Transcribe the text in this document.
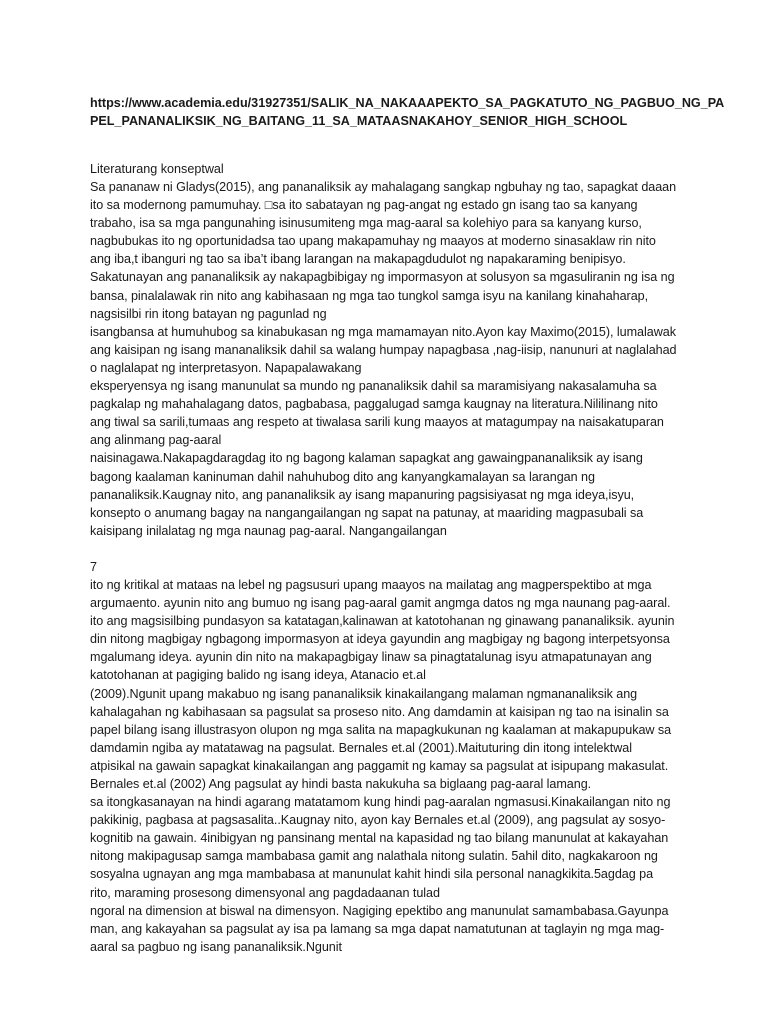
https://www.academia.edu/31927351/SALIK_NA_NAKAAAPEKTO_SA_PAGKATUTO_NG_PAGBUO_NG_PA
PEL_PANANALIKSIK_NG_BAITANG_11_SA_MATAASNAKAHOY_SENIOR_HIGH_SCHOOL
Literaturang konseptwal
Sa pananaw ni Gladys(2015), ang pananaliksik ay mahalagang sangkap ngbuhay ng tao, sapagkat daaan
ito sa modernong pamumuhay. □sa ito sabatayan ng pag-angat ng estado gn isang tao sa kanyang
trabaho, isa sa mga pangunahing isinusumiteng mga mag-aaral sa kolehiyo para sa kanyang kurso,
nagbubukas ito ng oportunidadsa tao upang makapamuhay ng maayos at moderno sinasaklaw rin nito
ang iba,t ibanguri ng tao sa iba’t ibang larangan na makapagdudulot ng napakaraming benipisyo.
Sakatunayan ang pananaliksik ay nakapagbibigay ng impormasyon at solusyon sa mgasuliranin ng isa ng
bansa, pinalalawak rin nito ang kabihasaan ng mga tao tungkol samga isyu na kanilang kinahaharap,
nagsisilbi rin itong batayan ng pagunlad ng
isangbansa at humuhubog sa kinabukasan ng mga mamamayan nito.Ayon kay Maximo(2015), lumalawak
ang kaisipan ng isang mananaliksik dahil sa walang humpay napagbasa ,nag-iisip, nanunuri at naglalahad
o naglalapat ng interpretasyon. Napapalawakang
eksperyensya ng isang manunulat sa mundo ng pananaliksik dahil sa maramisiyang nakasalamuha sa
pagkalap ng mahahalagang datos, pagbabasa, paggalugad samga kaugnay na literatura.Nililinang nito
ang tiwal sa sarili,tumaas ang respeto at tiwalasa sarili kung maayos at matagumpay na naisakatuparan
ang alinmang pag-aaral
naisinagawa.Nakapagdaragdag ito ng bagong kalaman sapagkat ang gawaingpananaliksik ay isang
bagong kaalaman kaninuman dahil nahuhubog dito ang kanyangkamalayan sa larangan ng
pananaliksik.Kaugnay nito, ang pananaliksik ay isang mapanuring pagsisiyasat ng mga ideya,isyu,
konsepto o anumang bagay na nangangailangan ng sapat na patunay, at maariding magpasubali sa
kaisipang inilalatag ng mga naunag pag-aaral. Nangangailangan
7
ito ng kritikal at mataas na lebel ng pagsusuri upang maayos na mailatag ang magperspektibo at mga
argumaento. ayunin nito ang bumuo ng isang pag-aaral gamit angmga datos ng mga naunang pag-aaral.
ito ang magsisilbing pundasyon sa katatagan,kalinawan at katotohanan ng ginawang pananaliksik. ayunin
din nitong magbigay ngbagong impormasyon at ideya gayundin ang magbigay ng bagong interpetsyonsa
mgalumang ideya. ayunin din nito na makapagbigay linaw sa pinagtatalunag isyu atmapatunayan ang
katotohanan at pagiging balido ng isang ideya, Atanacio et.al
(2009).Ngunit upang makabuo ng isang pananaliksik kinakailangang malaman ngmananaliksik ang
kahalagahan ng kabihasaan sa pagsulat sa proseso nito. Ang damdamin at kaisipan ng tao na isinalin sa
papel bilang isang illustrasyon olupon ng mga salita na mapagkukunan ng kaalaman at makapupukaw sa
damdamin ngiba ay matatawag na pagsulat. Bernales et.al (2001).Maituturing din itong intelektwal
atpisikal na gawain sapagkat kinakailangan ang paggamit ng kamay sa pagsulat at isipupang makasulat.
Bernales et.al (2002) Ang pagsulat ay hindi basta nakukuha sa biglaang pag-aaral lamang.
sa itongkasanayan na hindi agarang matatamom kung hindi pag-aaralan ngmasusi.Kinakailangan nito ng
pakikinig, pagbasa at pagsasalita..Kaugnay nito, ayon kay Bernales et.al (2009), ang pagsulat ay sosyo-
kognitib na gawain. 4inibigyan ng pansinang mental na kapasidad ng tao bilang manunulat at kakayahan
nitong makipagusap samga mambabasa gamit ang nalathala nitong sulatin. 5ahil dito, nagkakaroon ng
sosyalna ugnayan ang mga mambabasa at manunulat kahit hindi sila personal nanagkikita.5agdag pa
rito, maraming prosesong dimensyonal ang pagdadaanan tulad
ngoral na dimension at biswal na dimensyon. Nagiging epektibo ang manunulat samambabasa.Gayunpa
man, ang kakayahan sa pagsulat ay isa pa lamang sa mga dapat namatutunan at taglayin ng mga mag-
aaral sa pagbuo ng isang pananaliksik.Ngunit
